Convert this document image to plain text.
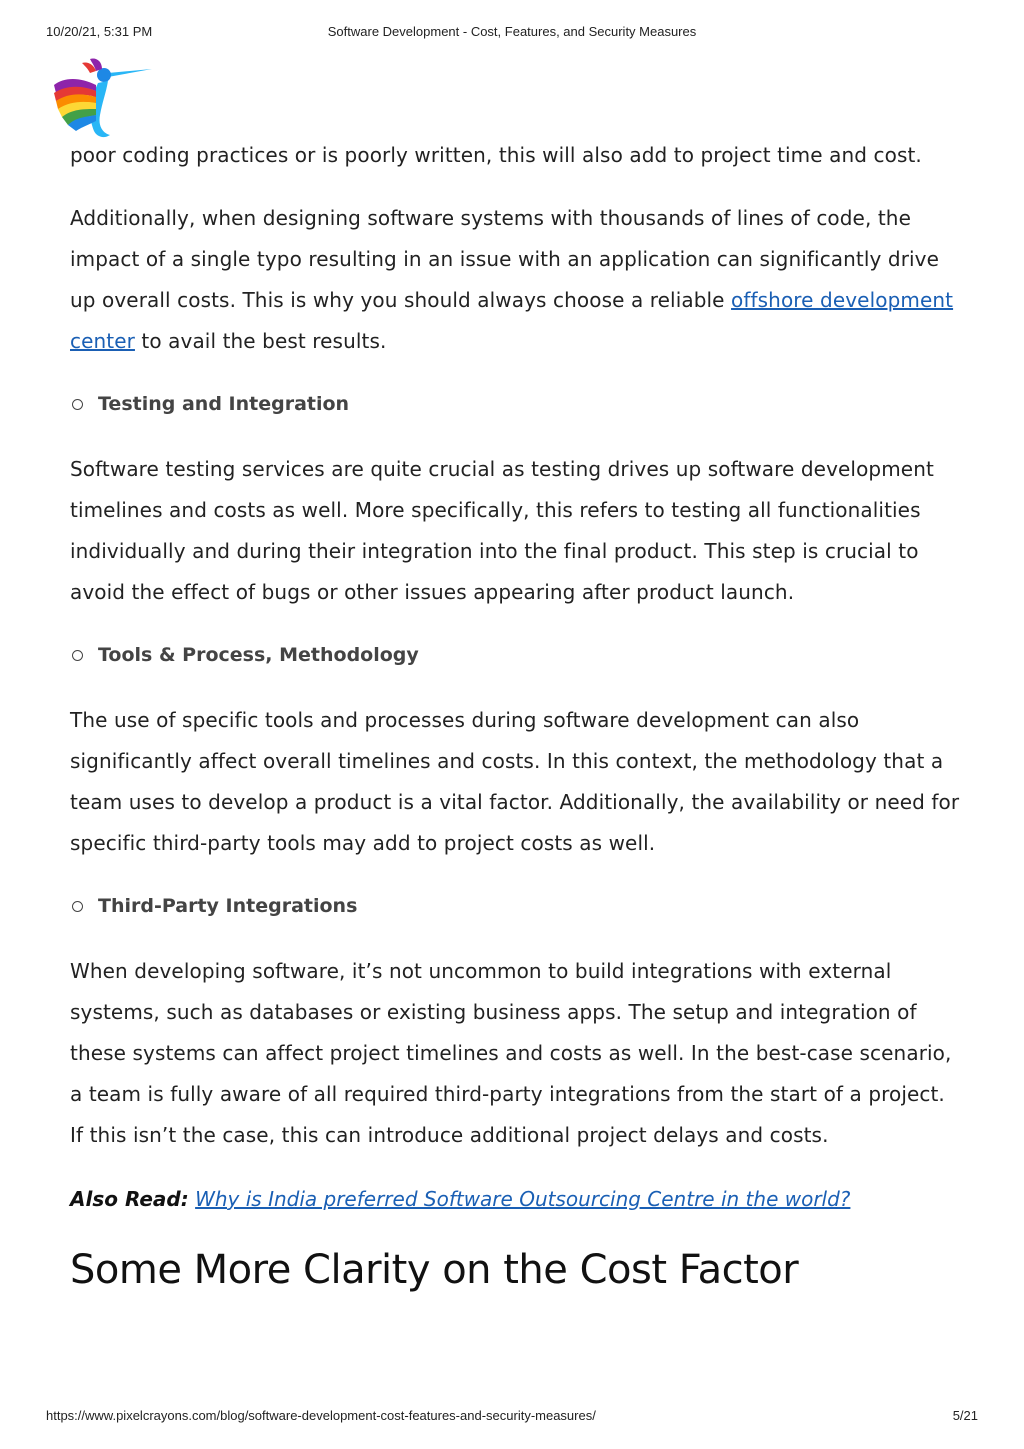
10/20/21, 5:31 PM	Software Development - Cost, Features, and Security Measures

poor coding practices or is poorly written, this will also add to project time and cost.

Additionally, when designing software systems with thousands of lines of code, the impact of a single typo resulting in an issue with an application can significantly drive up overall costs. This is why you should always choose a reliable offshore development center to avail the best results.

Testing and Integration

Software testing services are quite crucial as testing drives up software development timelines and costs as well. More specifically, this refers to testing all functionalities individually and during their integration into the final product. This step is crucial to avoid the effect of bugs or other issues appearing after product launch.

Tools & Process, Methodology

The use of specific tools and processes during software development can also significantly affect overall timelines and costs. In this context, the methodology that a team uses to develop a product is a vital factor. Additionally, the availability or need for specific third-party tools may add to project costs as well.

Third-Party Integrations

When developing software, it’s not uncommon to build integrations with external systems, such as databases or existing business apps. The setup and integration of these systems can affect project timelines and costs as well. In the best-case scenario, a team is fully aware of all required third-party integrations from the start of a project. If this isn’t the case, this can introduce additional project delays and costs.

Also Read: Why is India preferred Software Outsourcing Centre in the world?

Some More Clarity on the Cost Factor
https://www.pixelcrayons.com/blog/software-development-cost-features-and-security-measures/	5/21
